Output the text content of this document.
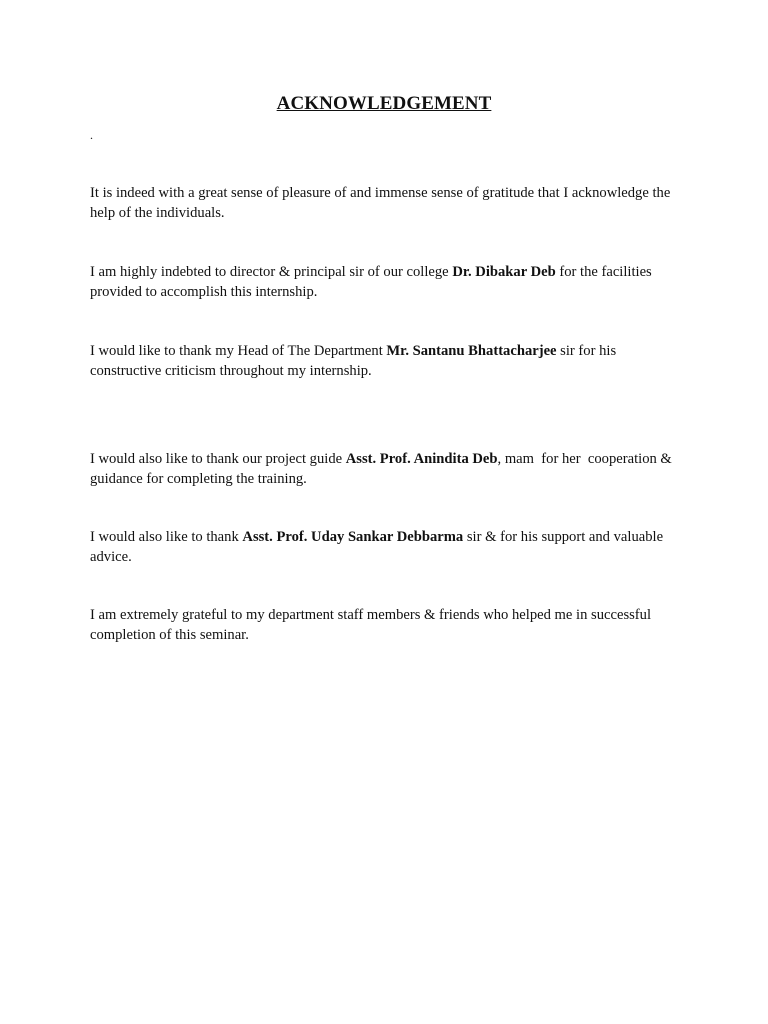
ACKNOWLEDGEMENT
.
It is indeed with a great sense of pleasure of and immense sense of gratitude that I acknowledge the help of the individuals.
I am highly indebted to director & principal sir of our college Dr. Dibakar Deb for the facilities provided to accomplish this internship.
I would like to thank my Head of The Department Mr. Santanu Bhattacharjee sir for his constructive criticism throughout my internship.
I would also like to thank our project guide Asst. Prof. Anindita Deb, mam  for her  cooperation & guidance for completing the training.
I would also like to thank Asst. Prof. Uday Sankar Debbarma sir & for his support and valuable advice.
I am extremely grateful to my department staff members & friends who helped me in successful completion of this seminar.
